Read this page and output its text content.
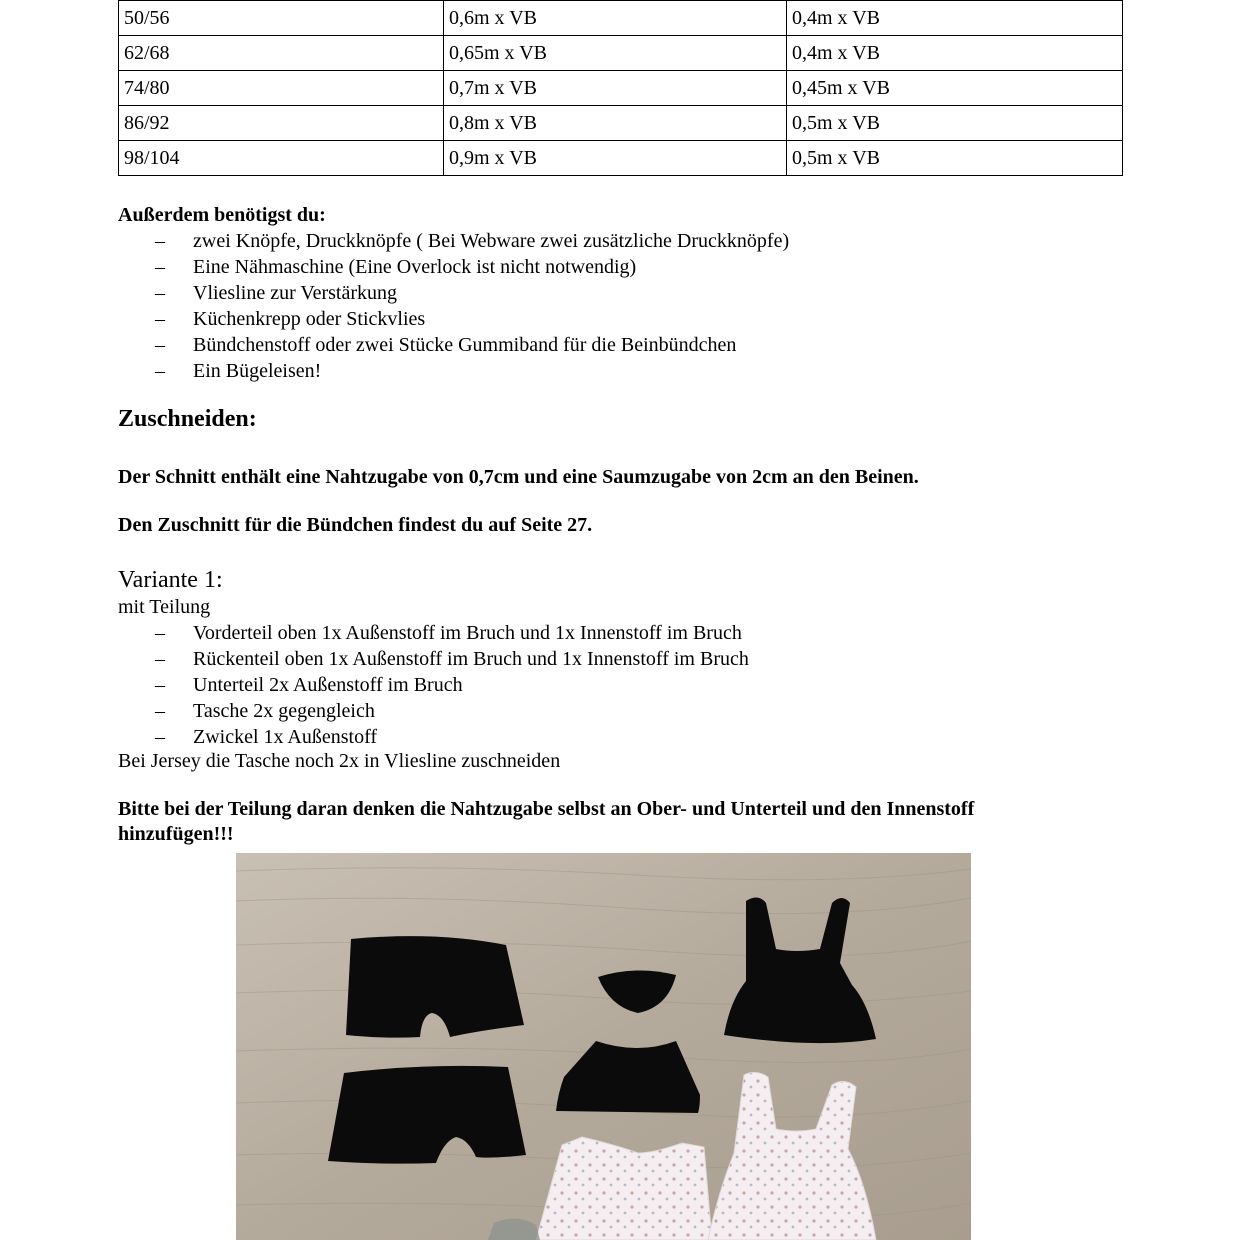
50/56	0,6m x VB	0,4m x VB
62/68	0,65m x VB	0,4m x VB
74/80	0,7m x VB	0,45m x VB
86/92	0,8m x VB	0,5m x VB
98/104	0,9m x VB	0,5m x VB
Außerdem benötigst du:
– zwei Knöpfe, Druckknöpfe ( Bei Webware zwei zusätzliche Druckknöpfe)
– Eine Nähmaschine (Eine Overlock ist nicht notwendig)
– Vliesline zur Verstärkung
– Küchenkrepp oder Stickvlies
– Bündchenstoff oder zwei Stücke Gummiband für die Beinbündchen
– Ein Bügeleisen!
Zuschneiden:
Der Schnitt enthält eine Nahtzugabe von 0,7cm und eine Saumzugabe von 2cm an den Beinen.
Den Zuschnitt für die Bündchen findest du auf Seite 27.
Variante 1:
mit Teilung
– Vorderteil oben 1x Außenstoff im Bruch und 1x Innenstoff im Bruch
– Rückenteil oben 1x Außenstoff im Bruch und 1x Innenstoff im Bruch
– Unterteil 2x Außenstoff im Bruch
– Tasche 2x gegengleich
– Zwickel 1x Außenstoff
Bei Jersey die Tasche noch 2x in Vliesline zuschneiden
Bitte bei der Teilung daran denken die Nahtzugabe selbst an Ober- und Unterteil und den Innenstoff
hinzufügen!!!
